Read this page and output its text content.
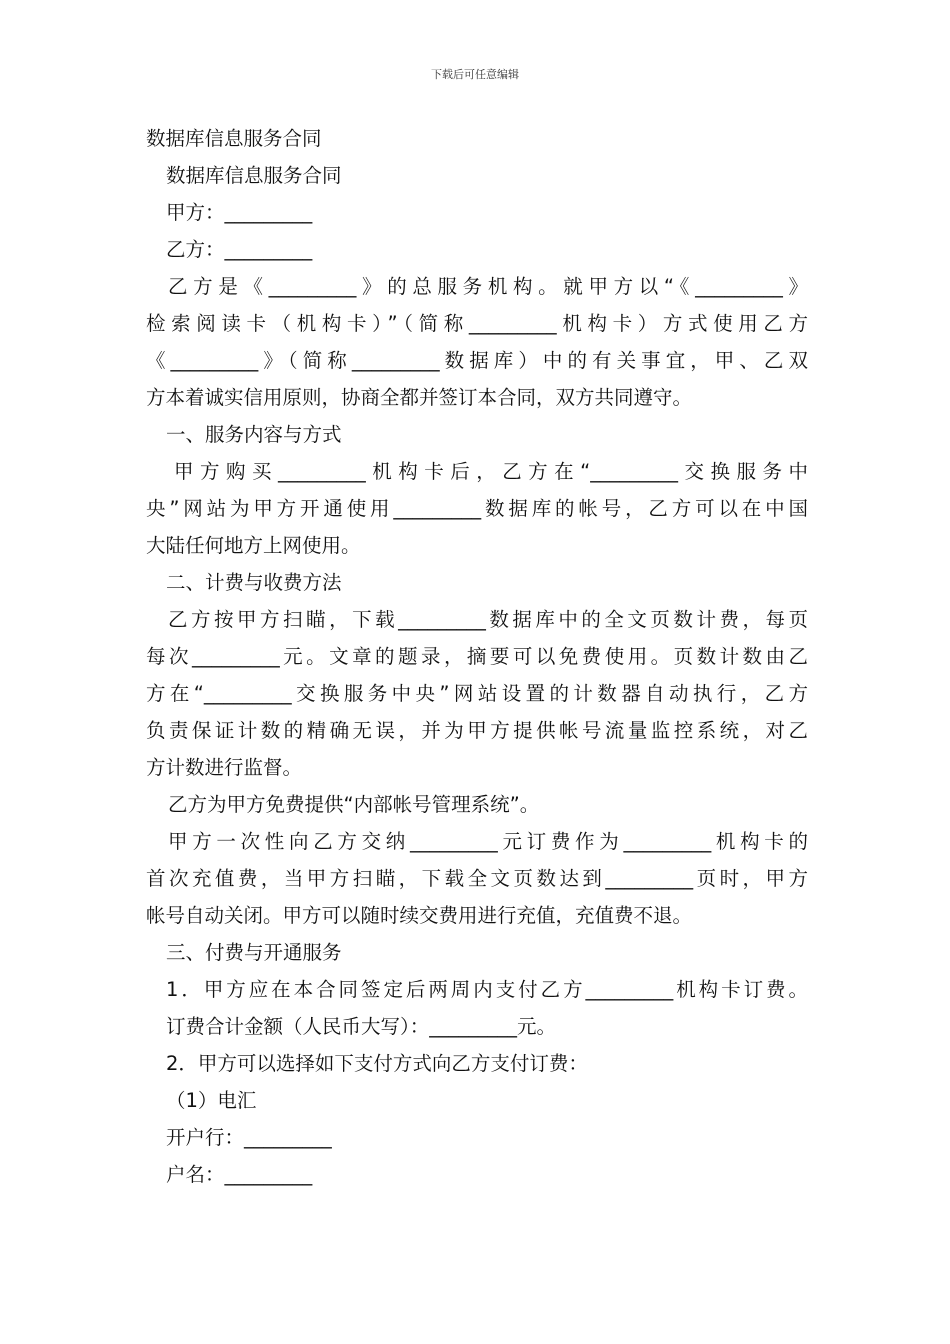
下载后可任意编辑
数据库信息服务合同
数据库信息服务合同
甲方：_________
乙方：_________
乙方是《_________》的总服务机构。就甲方以“《_________》
检索阅读卡（机构卡）”（简称_________机构卡）方式使用乙方
《_________》（简称_________数据库）中的有关事宜，甲、乙双
方本着诚实信用原则，协商全都并签订本合同，双方共同遵守。
一、服务内容与方式
甲方购买_________机构卡后，乙方在“_________交换服务中
央”网站为甲方开通使用_________数据库的帐号，乙方可以在中国
大陆任何地方上网使用。
二、计费与收费方法
乙方按甲方扫瞄，下载_________数据库中的全文页数计费，每页
每次_________元。文章的题录，摘要可以免费使用。页数计数由乙
方在“_________交换服务中央”网站设置的计数器自动执行，乙方
负责保证计数的精确无误，并为甲方提供帐号流量监控系统，对乙
方计数进行监督。
乙方为甲方免费提供“内部帐号管理系统”。
甲方一次性向乙方交纳_________元订费作为_________机构卡的
首次充值费，当甲方扫瞄，下载全文页数达到_________页时，甲方
帐号自动关闭。甲方可以随时续交费用进行充值，充值费不退。
三、付费与开通服务
1．甲方应在本合同签定后两周内支付乙方_________机构卡订费。
订费合计金额（人民币大写）：_________元。
2．甲方可以选择如下支付方式向乙方支付订费：
（1）电汇
开户行：_________
户名：_________
